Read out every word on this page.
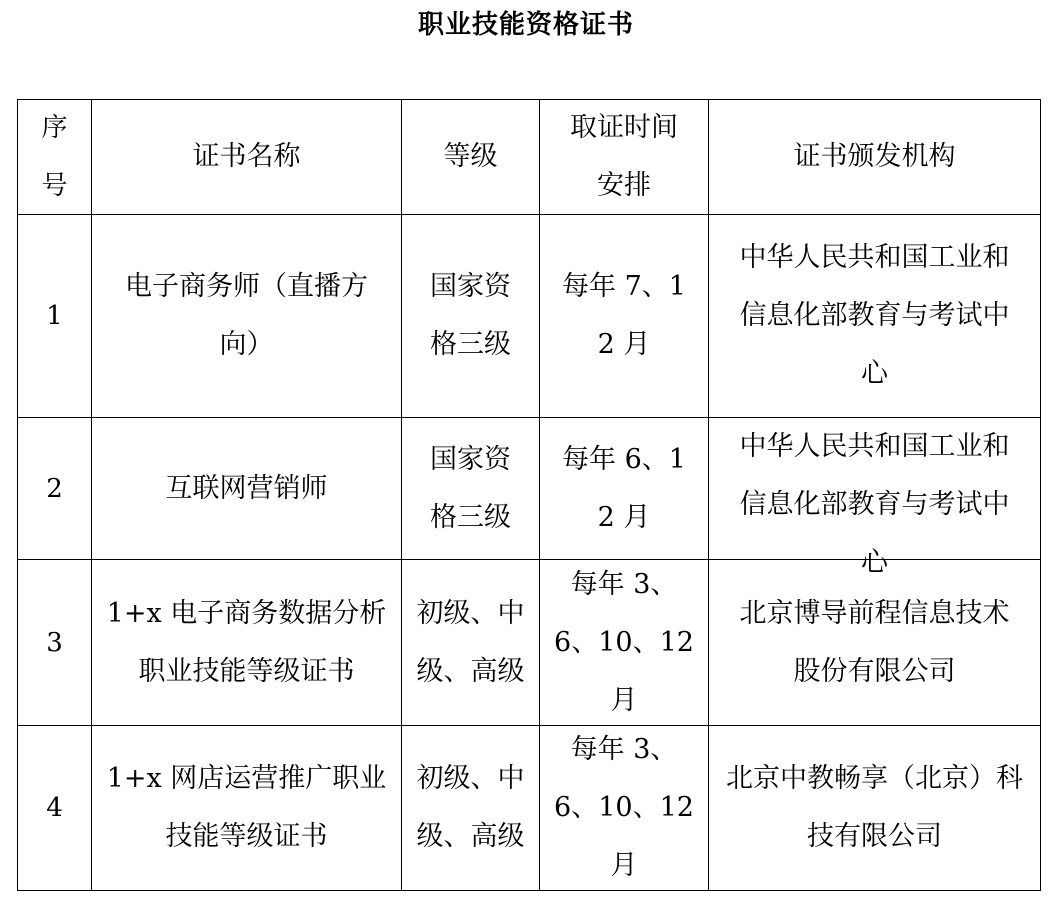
职业技能资格证书
序号	证书名称	等级	取证时间安排	证书颁发机构

1	电子商务师（直播方向）	国家资格三级	每年 7、12 月	中华人民共和国工业和信息化部教育与考试中心

2	互联网营销师	国家资格三级	每年 6、12 月	中华人民共和国工业和信息化部教育与考试中心

3	1+x 电子商务数据分析职业技能等级证书	初级、中级、高级	每年 3、6、10、12 月	北京博导前程信息技术股份有限公司

4	1+x 网店运营推广职业技能等级证书	初级、中级、高级	每年 3、6、10、12 月	北京中教畅享（北京）科技有限公司
